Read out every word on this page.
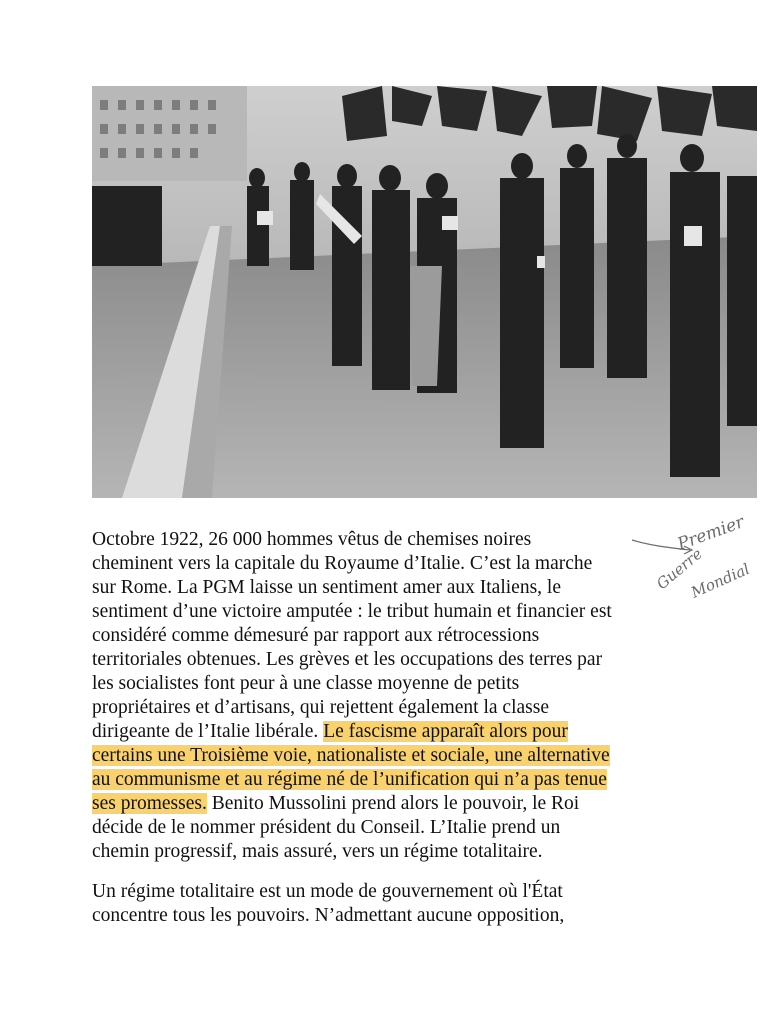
Octobre 1922, 26 000 hommes vêtus de chemises noires
cheminent vers la capitale du Royaume d’Italie. C’est la marche
sur Rome. La PGM laisse un sentiment amer aux Italiens, le
sentiment d’une victoire amputée : le tribut humain et financier est
considéré comme démesuré par rapport aux rétrocessions
territoriales obtenues. Les grèves et les occupations des terres par
les socialistes font peur à une classe moyenne de petits
propriétaires et d’artisans, qui rejettent également la classe
dirigeante de l’Italie libérale. Le fascisme apparaît alors pour
certains une Troisième voie, nationaliste et sociale, une alternative
au communisme et au régime né de l’unification qui n’a pas tenue
ses promesses. Benito Mussolini prend alors le pouvoir, le Roi
décide de le nommer président du Conseil. L’Italie prend un
chemin progressif, mais assuré, vers un régime totalitaire.
Un régime totalitaire est un mode de gouvernement où l'État
concentre tous les pouvoirs. N’admettant aucune opposition,
Premier
Guerre
Mondial
